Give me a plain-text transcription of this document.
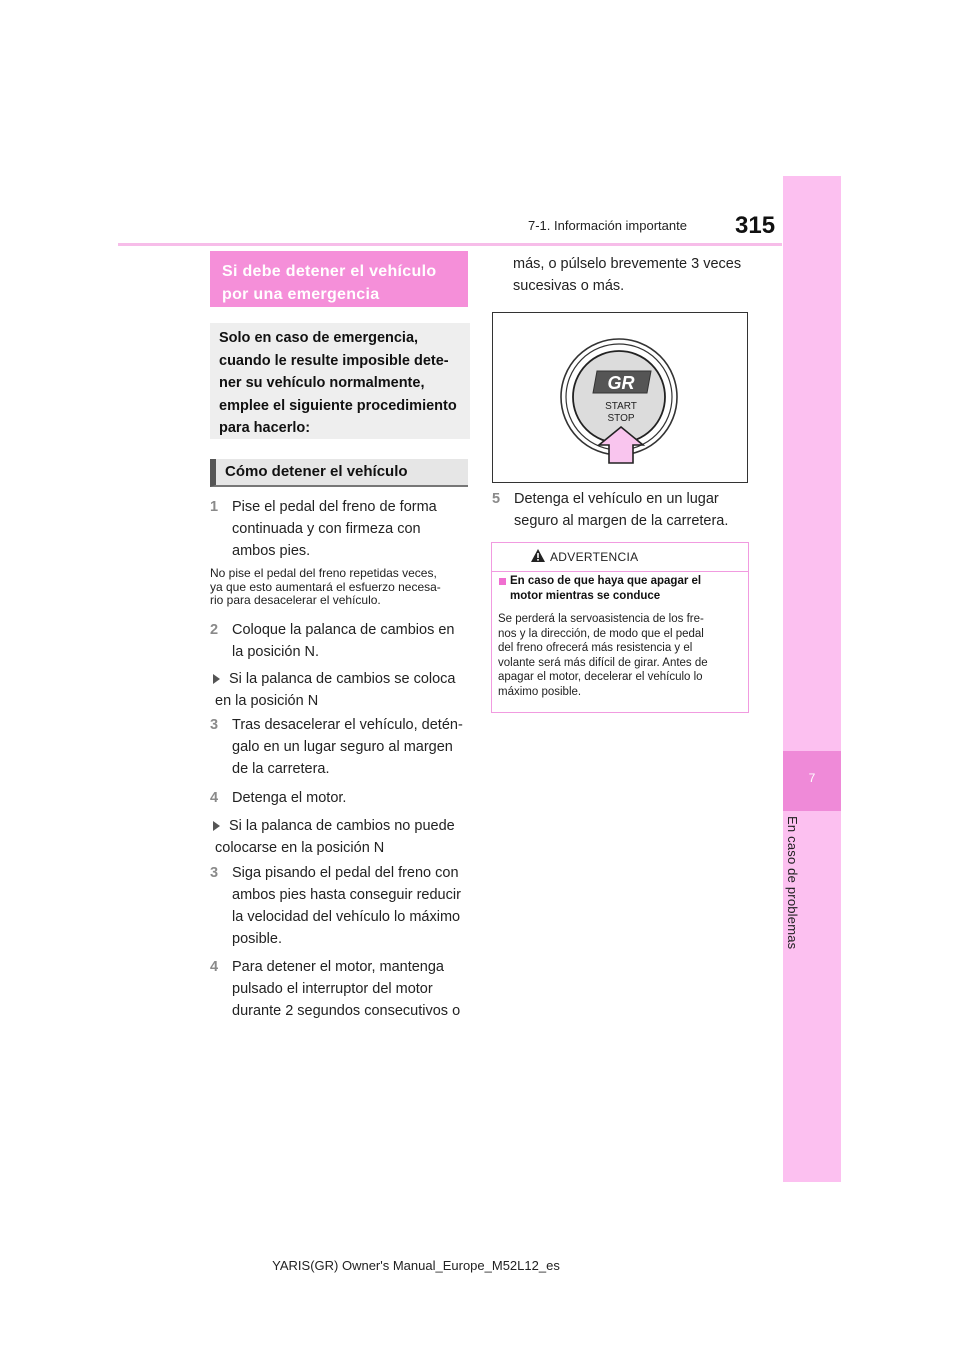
7-1. Información importante 315
7
En caso de problemas
Si debe detener el vehículo
por una emergencia
Solo en caso de emergencia,
cuando le resulte imposible dete-
ner su vehículo normalmente,
emplee el siguiente procedimiento
para hacerlo:
Cómo detener el vehículo
1 Pise el pedal del freno de forma
continuada y con firmeza con
ambos pies.
No pise el pedal del freno repetidas veces,
ya que esto aumentará el esfuerzo necesa-
rio para desacelerar el vehículo.
2 Coloque la palanca de cambios en
la posición N.
Si la palanca de cambios se coloca
en la posición N
3 Tras desacelerar el vehículo, detén-
galo en un lugar seguro al margen
de la carretera.
4 Detenga el motor.
Si la palanca de cambios no puede
colocarse en la posición N
3 Siga pisando el pedal del freno con
ambos pies hasta conseguir reducir
la velocidad del vehículo lo máximo
posible.
4 Para detener el motor, mantenga
pulsado el interruptor del motor
durante 2 segundos consecutivos o
más, o púlselo brevemente 3 veces
sucesivas o más.
GR
START
STOP
5 Detenga el vehículo en un lugar
seguro al margen de la carretera.
ADVERTENCIA
En caso de que haya que apagar el
motor mientras se conduce
Se perderá la servoasistencia de los fre-
nos y la dirección, de modo que el pedal
del freno ofrecerá más resistencia y el
volante será más difícil de girar. Antes de
apagar el motor, decelerar el vehículo lo
máximo posible.
YARIS(GR) Owner's Manual_Europe_M52L12_es
